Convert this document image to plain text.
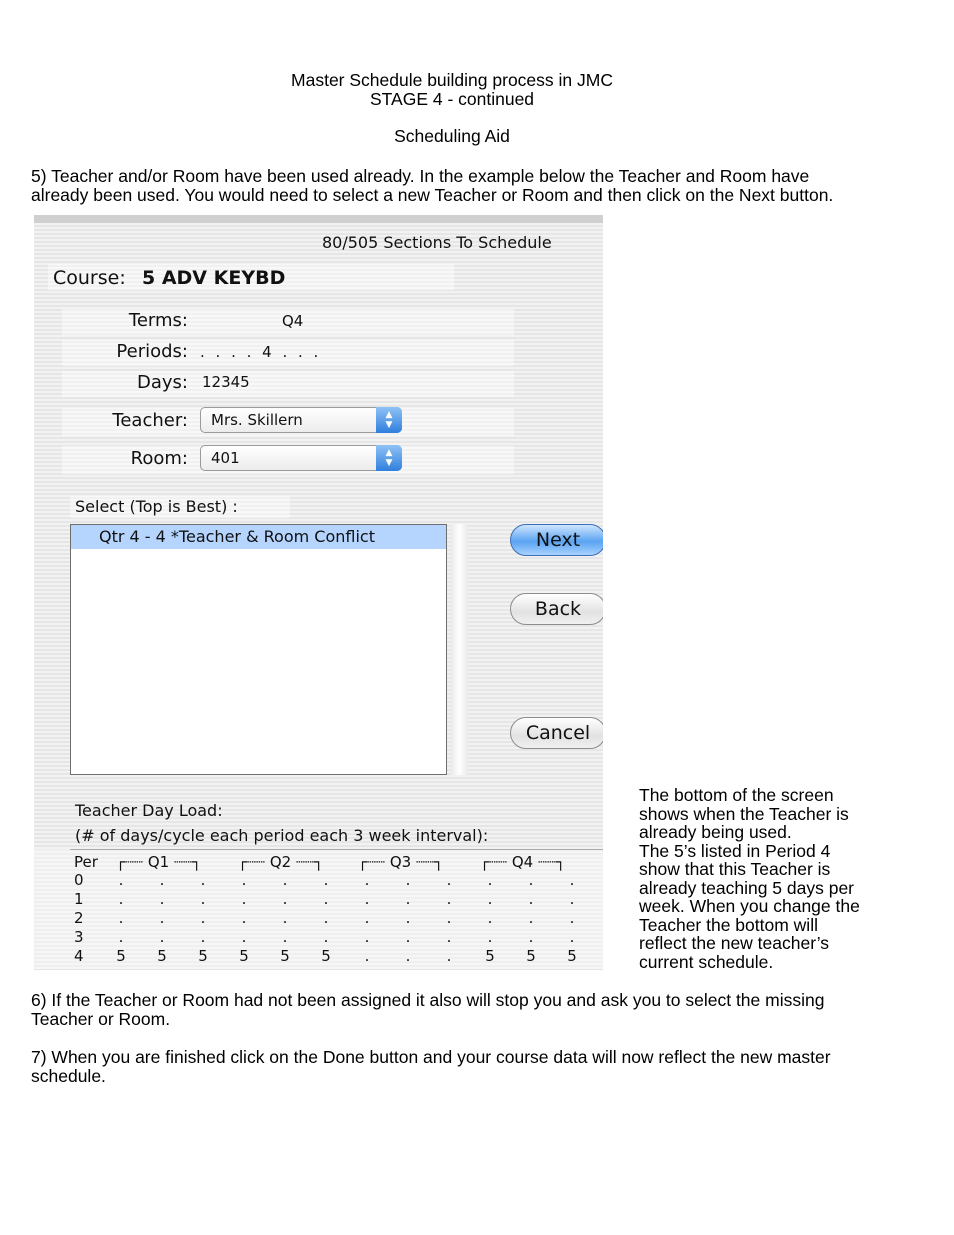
Master Schedule building process in JMC
STAGE 4 - continued
Scheduling Aid
5) Teacher and/or Room have been used already. In the example below the Teacher and Room have
already been used. You would need to select a new Teacher or Room and then click on the Next button.
80/505 Sections To Schedule
Course: 5 ADV KEYBD
Terms:	Q4
Periods: . . . . 4 . . .
Days: 12345
Teacher: Mrs. Skillern	▲
▼
Room: 401	▲
▼
Select (Top is Best) :
Qtr 4 - 4 *Teacher & Room Conflict	Next
Back
Cancel
Teacher Day Load:
(# of days/cycle each period each 3 week interval):
Per ┌┈┈ Q1 ┈┈┐ ┌┈┈ Q2 ┈┈┐ ┌┈┈ Q3 ┈┈┐ ┌┈┈ Q4 ┈┈┐
0	.	.	.	.	.	.	.	.	.	.	.	.
1	.	.	.	.	.	.	.	.	.	.	.	.
2	.	.	.	.	.	.	.	.	.	.	.	.
3	.	.	.	.	.	.	.	.	.	.	.	.
4 5 5 5 5 5 5	.	.	.	5 5 5
The bottom of the screen
shows when the Teacher is
already being used.
The 5’s listed in Period 4
show that this Teacher is
already teaching 5 days per
week. When you change the
Teacher the bottom will
reflect the new teacher’s
current schedule.
6) If the Teacher or Room had not been assigned it also will stop you and ask you to select the missing
Teacher or Room.
7) When you are finished click on the Done button and your course data will now reflect the new master
schedule.
